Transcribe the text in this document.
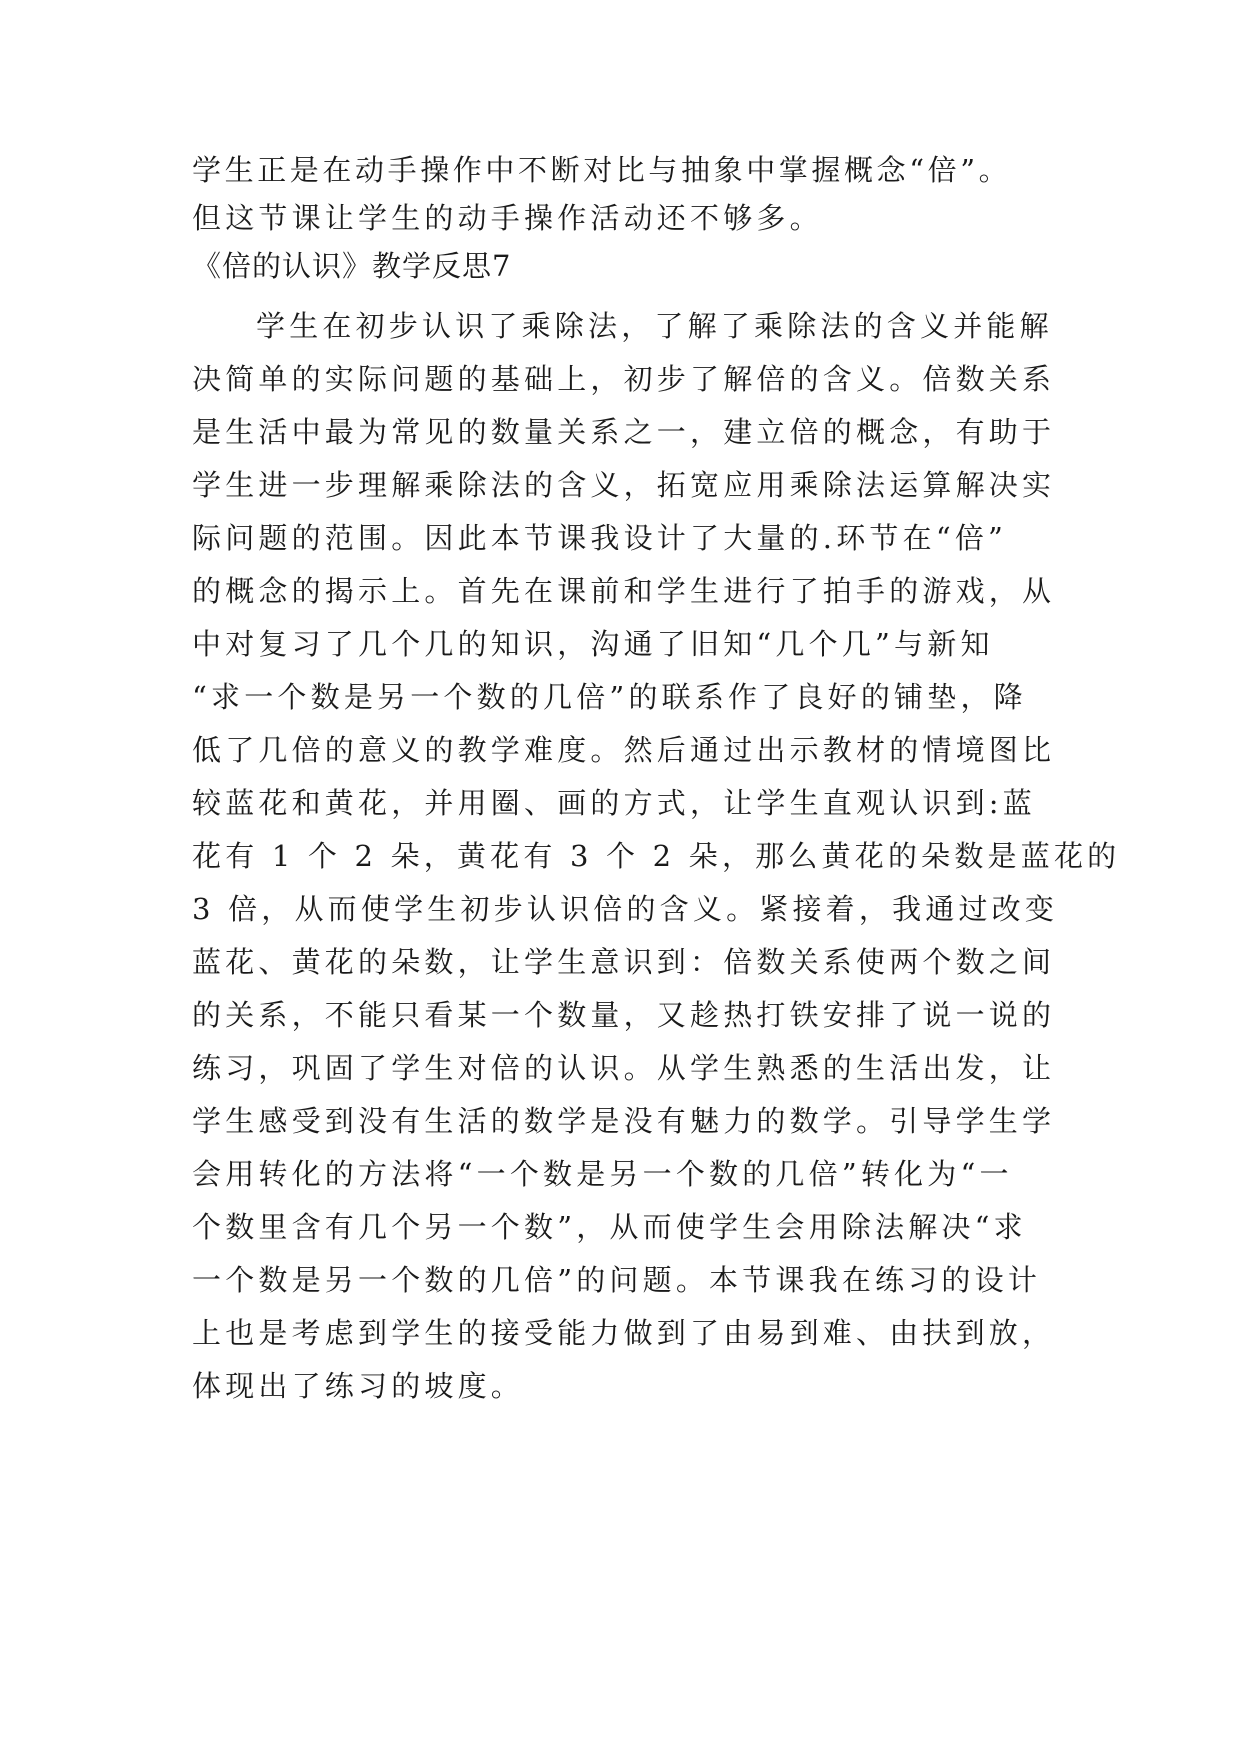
学生正是在动手操作中不断对比与抽象中掌握概念“倍”。
但这节课让学生的动手操作活动还不够多。
《倍的认识》教学反思7
学生在初步认识了乘除法，了解了乘除法的含义并能解
决简单的实际问题的基础上，初步了解倍的含义。倍数关系
是生活中最为常见的数量关系之一，建立倍的概念，有助于
学生进一步理解乘除法的含义，拓宽应用乘除法运算解决实
际问题的范围。因此本节课我设计了大量的.环节在“倍”
的概念的揭示上。首先在课前和学生进行了拍手的游戏，从
中对复习了几个几的知识，沟通了旧知“几个几”与新知
“求一个数是另一个数的几倍”的联系作了良好的铺垫，降
低了几倍的意义的教学难度。然后通过出示教材的情境图比
较蓝花和黄花，并用圈、画的方式，让学生直观认识到:蓝
花有 1 个 2 朵，黄花有 3 个 2 朵，那么黄花的朵数是蓝花的
3 倍，从而使学生初步认识倍的含义。紧接着，我通过改变
蓝花、黄花的朵数，让学生意识到：倍数关系使两个数之间
的关系，不能只看某一个数量，又趁热打铁安排了说一说的
练习，巩固了学生对倍的认识。从学生熟悉的生活出发，让
学生感受到没有生活的数学是没有魅力的数学。引导学生学
会用转化的方法将“一个数是另一个数的几倍”转化为“一
个数里含有几个另一个数”，从而使学生会用除法解决“求
一个数是另一个数的几倍”的问题。本节课我在练习的设计
上也是考虑到学生的接受能力做到了由易到难、由扶到放，
体现出了练习的坡度。
